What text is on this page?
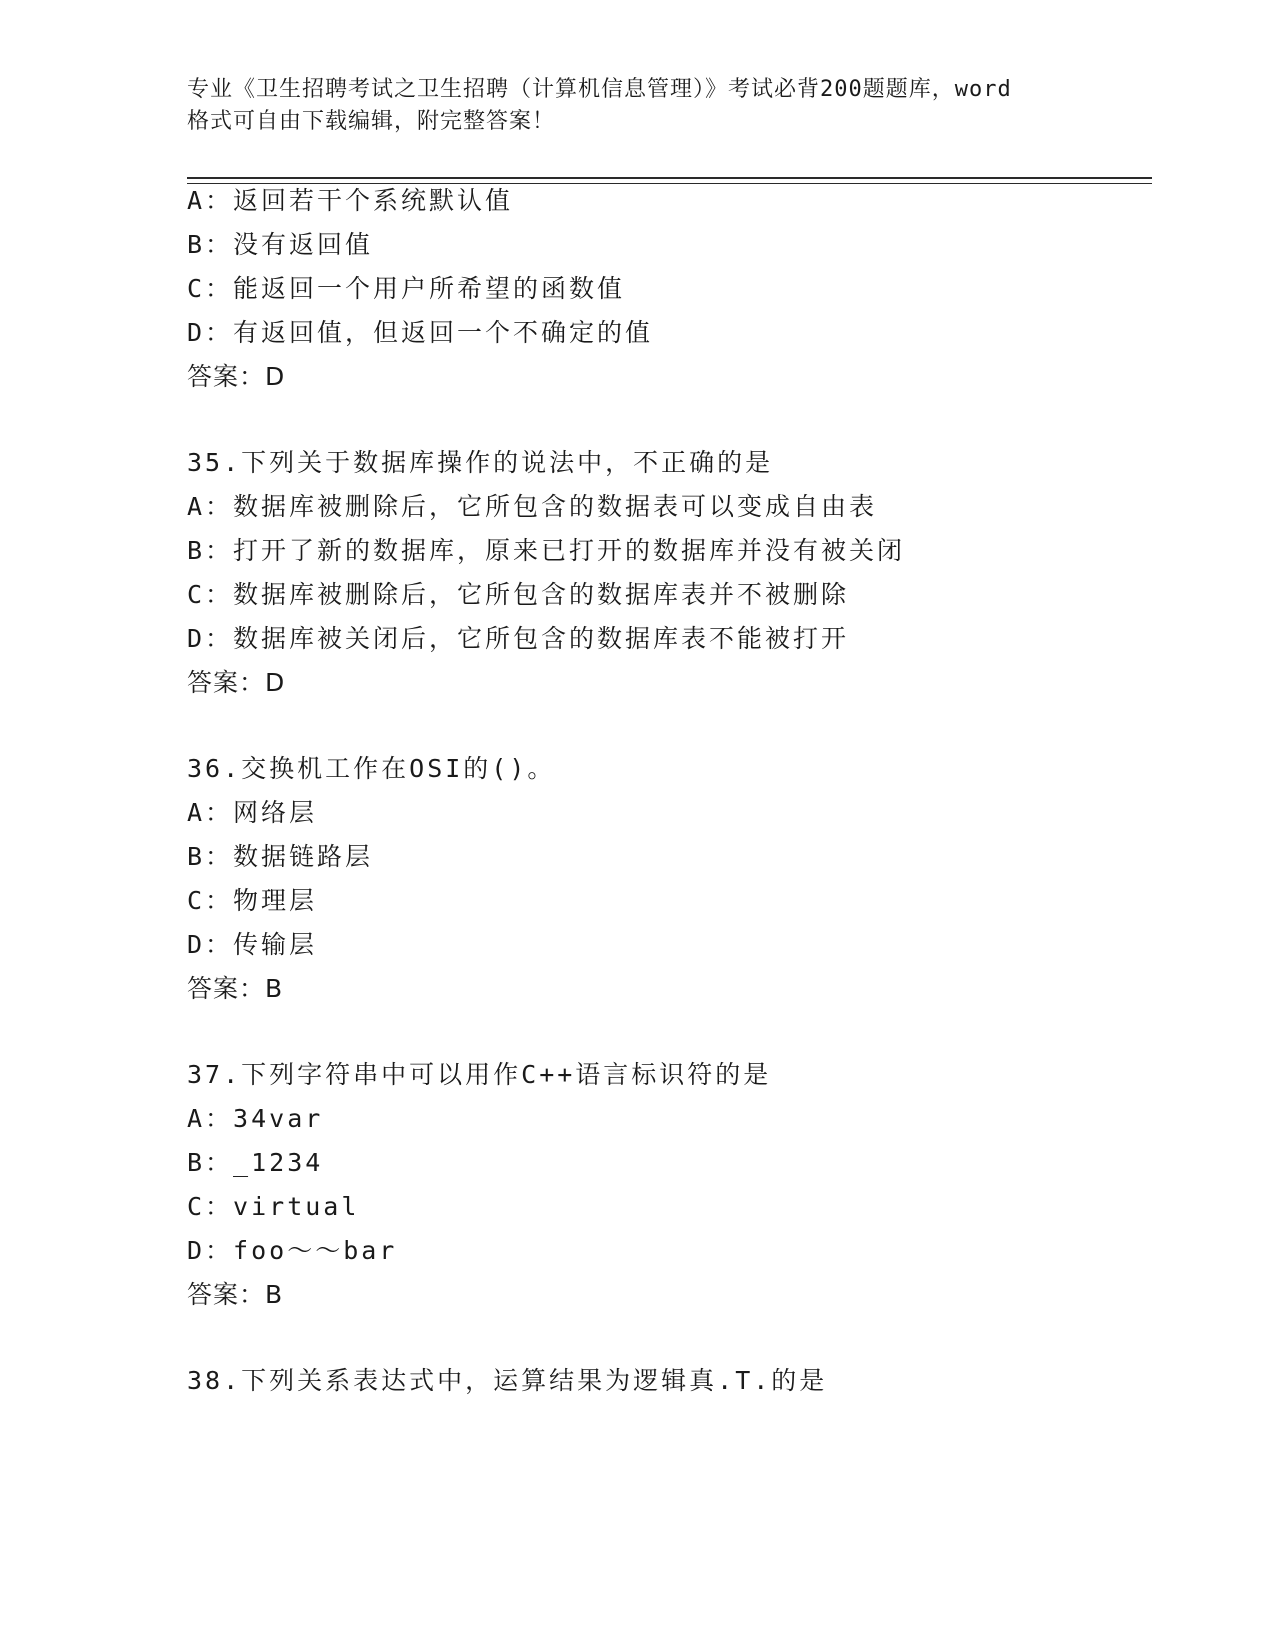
专业《卫生招聘考试之卫生招聘（计算机信息管理）》考试必背200题题库，word
格式可自由下载编辑，附完整答案！
A：返回若干个系统默认值
B：没有返回值
C：能返回一个用户所希望的函数值
D：有返回值，但返回一个不确定的值
答案：D
35.下列关于数据库操作的说法中，不正确的是
A：数据库被删除后，它所包含的数据表可以变成自由表
B：打开了新的数据库，原来已打开的数据库并没有被关闭
C：数据库被删除后，它所包含的数据库表并不被删除
D：数据库被关闭后，它所包含的数据库表不能被打开
答案：D
36.交换机工作在OSI的()。
A：网络层
B：数据链路层
C：物理层
D：传输层
答案：B
37.下列字符串中可以用作C++语言标识符的是
A：34var
B：_1234
C：virtual
D：foo～～bar
答案：B
38.下列关系表达式中，运算结果为逻辑真.T.的是
